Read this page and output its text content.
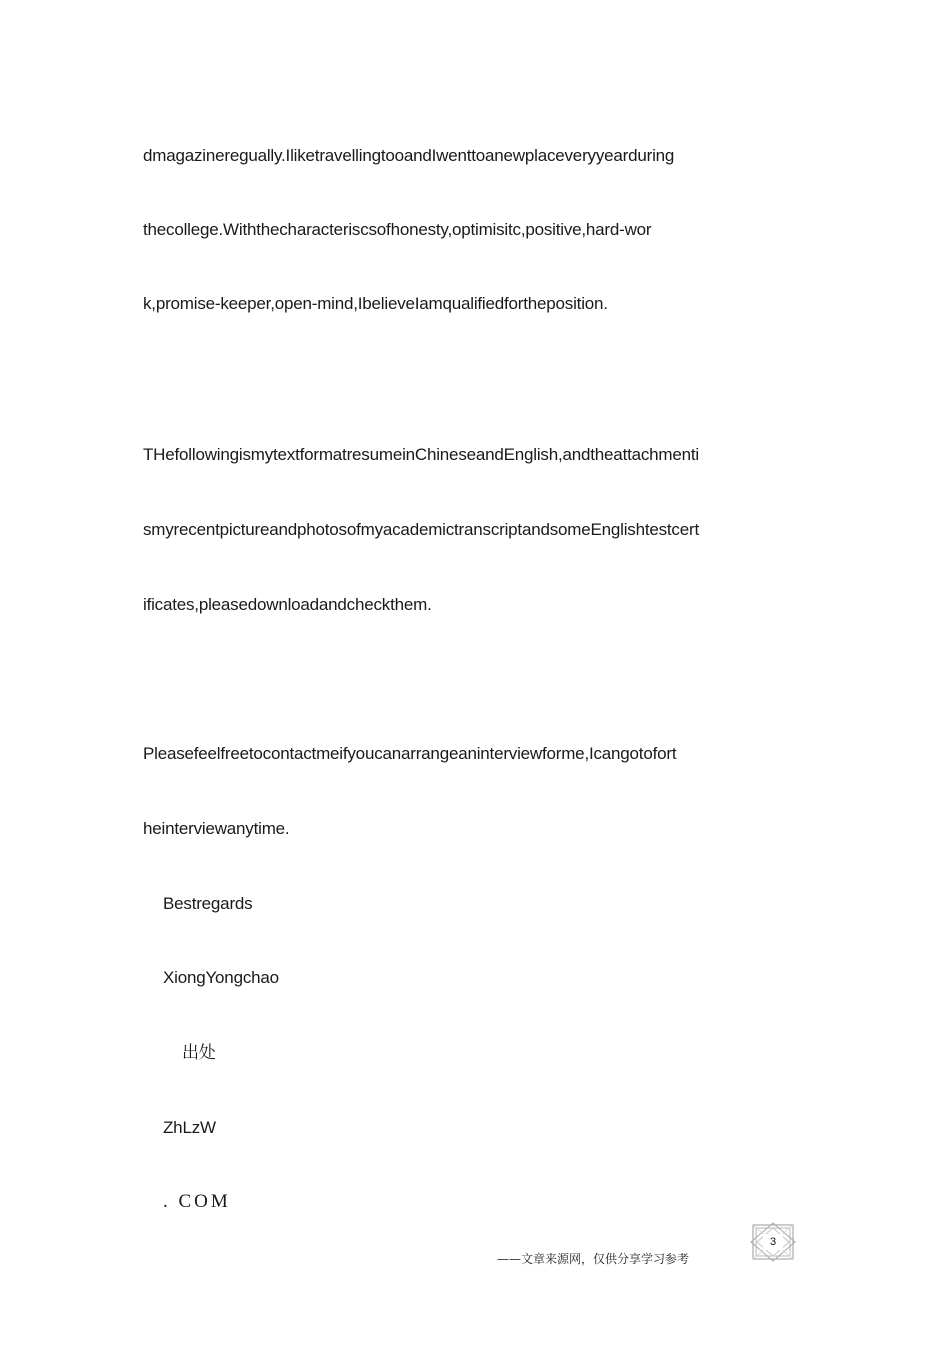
dmagazineregually.IliketravellingtooandIwenttoanewplaceveryyearduring
thecollege.Withthecharacteriscsofhonesty,optimisitc,positive,hard-wor
k,promise-keeper,open-mind,IbelieveIamqualifiedfortheposition.
THefollowingismytextformatresumeinChineseandEnglish,andtheattachmenti
smyrecentpictureandphotosofmyacademictranscriptandsomeEnglishtestcert
ificates,pleasedownloadandcheckthem.
Pleasefeelfreetocontactmeifyoucanarrangeaninterviewforme,Icangotofort
heinterviewanytime.
Bestregards
XiongYongchao
出处
ZhLzW
. COM
——文章来源网，仅供分享学习参考
3
